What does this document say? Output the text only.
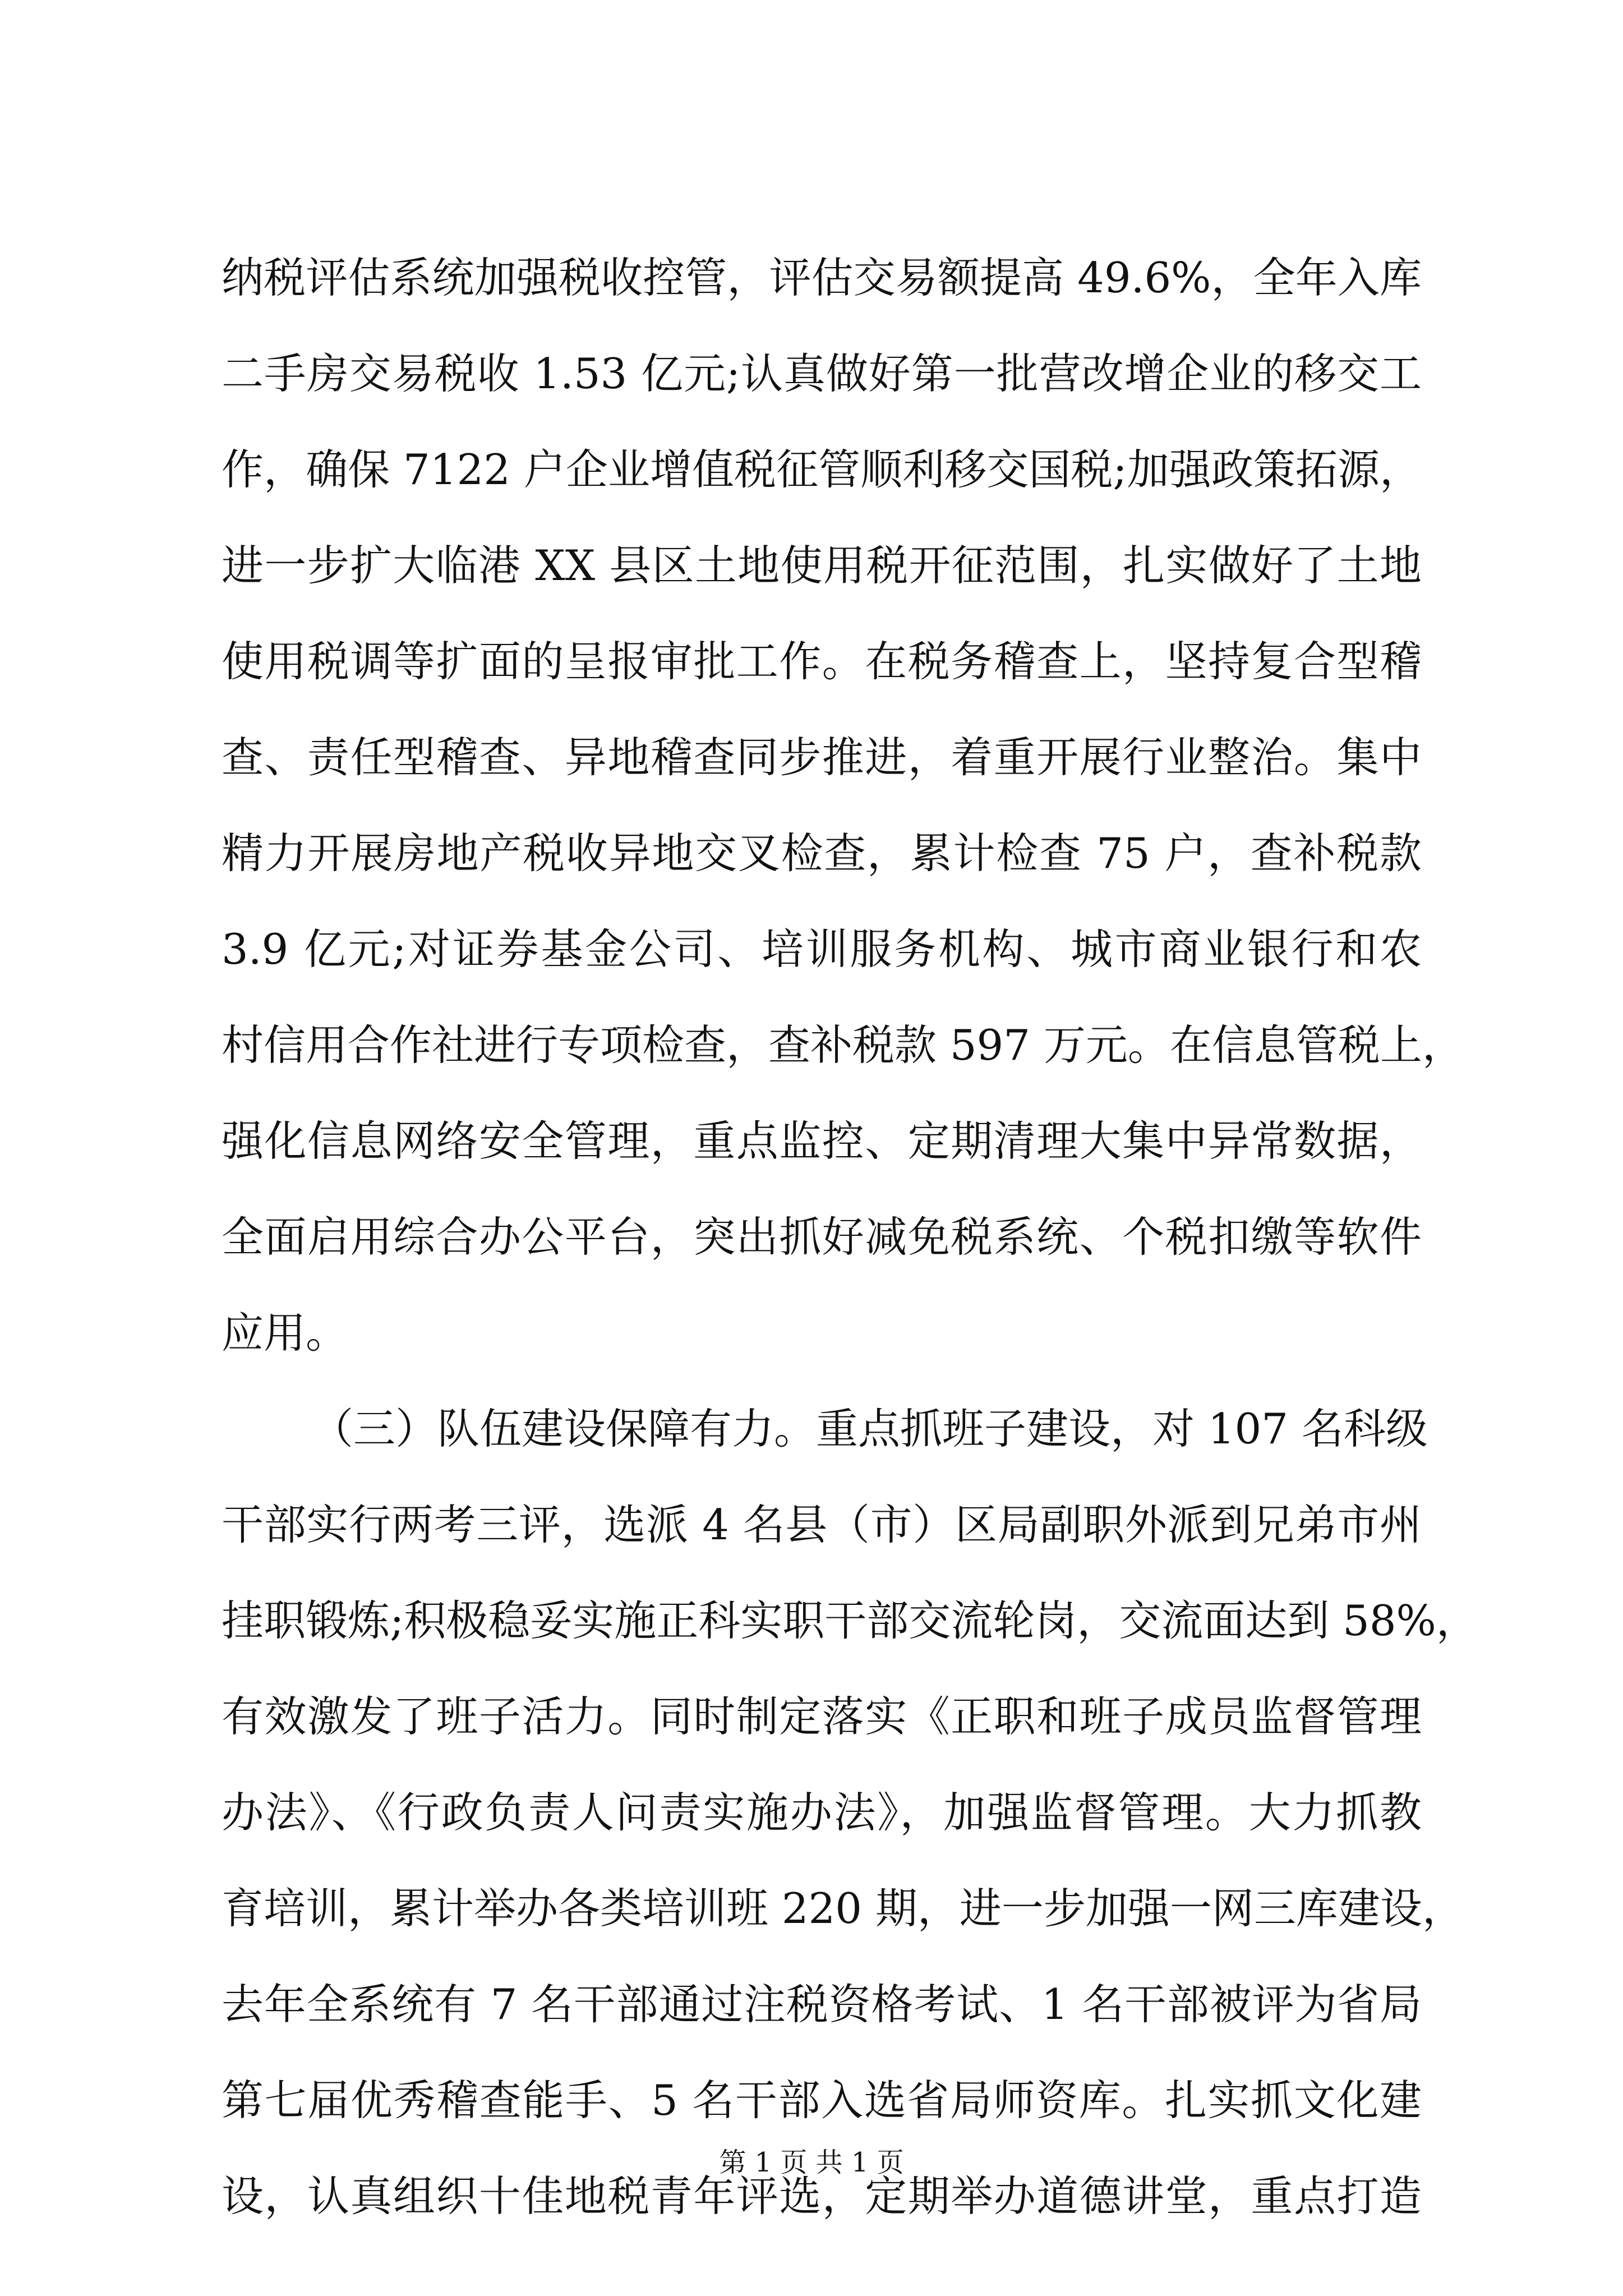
纳税评估系统加强税收控管，评估交易额提高 49.6%，全年入库
二手房交易税收 1.53 亿元;认真做好第一批营改增企业的移交工
作，确保 7122 户企业增值税征管顺利移交国税;加强政策拓源，
进一步扩大临港 XX 县区土地使用税开征范围，扎实做好了土地
使用税调等扩面的呈报审批工作。在税务稽查上，坚持复合型稽
查、责任型稽查、异地稽查同步推进，着重开展行业整治。集中
精力开展房地产税收异地交叉检查，累计检查 75 户，查补税款
3.9 亿元;对证券基金公司、培训服务机构、城市商业银行和农
村信用合作社进行专项检查，查补税款 597 万元。在信息管税上，
强化信息网络安全管理，重点监控、定期清理大集中异常数据，
全面启用综合办公平台，突出抓好减免税系统、个税扣缴等软件
应用。
（三）队伍建设保障有力。重点抓班子建设，对 107 名科级
干部实行两考三评，选派 4 名县（市）区局副职外派到兄弟市州
挂职锻炼;积极稳妥实施正科实职干部交流轮岗，交流面达到 58%，
有效激发了班子活力。同时制定落实《正职和班子成员监督管理
办法》、《行政负责人问责实施办法》，加强监督管理。大力抓教
育培训，累计举办各类培训班 220 期，进一步加强一网三库建设，
去年全系统有 7 名干部通过注税资格考试、1 名干部被评为省局
第七届优秀稽查能手、5 名干部入选省局师资库。扎实抓文化建
设，认真组织十佳地税青年评选，定期举办道德讲堂，重点打造
第 1 页 共 1 页
